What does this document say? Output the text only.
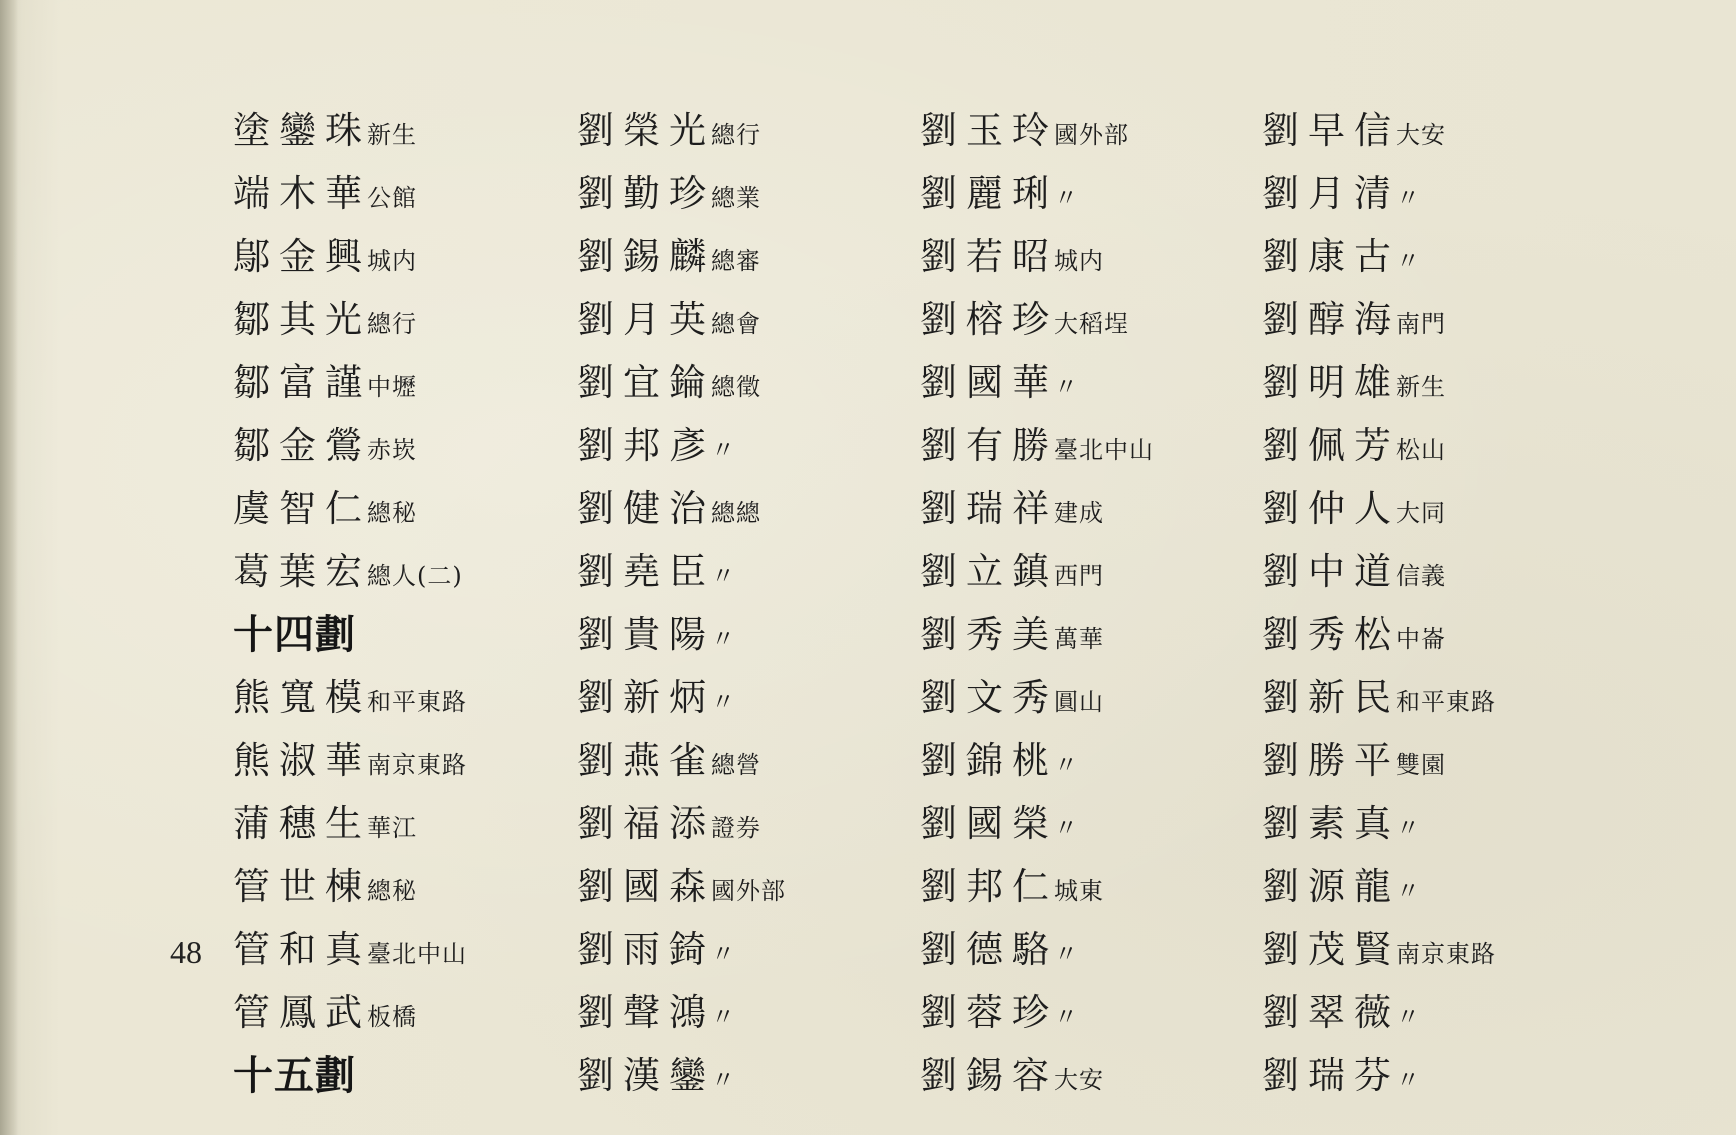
塗鑾珠
新生
端木華
公館
鄔金興
城内
鄒其光
總行
鄒富謹
中壢
鄒金鶯
赤崁
虞智仁
總秘
葛葉宏
總人(二)
十四劃
熊寬模
和平東路
熊淑華
南京東路
蒲穗生
華江
管世棟
總秘
管和真
臺北中山
管鳳武
板橋
十五劃
劉榮光
總行
劉勤珍
總業
劉錫麟
總審
劉月英
總會
劉宜錀
總徵
劉邦彥
〃
劉健治
總總
劉堯臣
〃
劉貴陽
〃
劉新炳
〃
劉燕雀
總營
劉福添
證券
劉國森
國外部
劉雨錡
〃
劉聲鴻
〃
劉漢鑾
〃
劉玉玲
國外部
劉麗琍
〃
劉若昭
城内
劉榕珍
大稻埕
劉國華
〃
劉有勝
臺北中山
劉瑞祥
建成
劉立鎮
西門
劉秀美
萬華
劉文秀
圓山
劉錦桃
〃
劉國榮
〃
劉邦仁
城東
劉德駱
〃
劉蓉珍
〃
劉錫容
大安
劉早信
大安
劉月清
〃
劉康古
〃
劉醇海
南門
劉明雄
新生
劉佩芳
松山
劉仲人
大同
劉中道
信義
劉秀松
中崙
劉新民
和平東路
劉勝平
雙園
劉素真
〃
劉源龍
〃
劉茂賢
南京東路
劉翠薇
〃
劉瑞芬
〃
48
